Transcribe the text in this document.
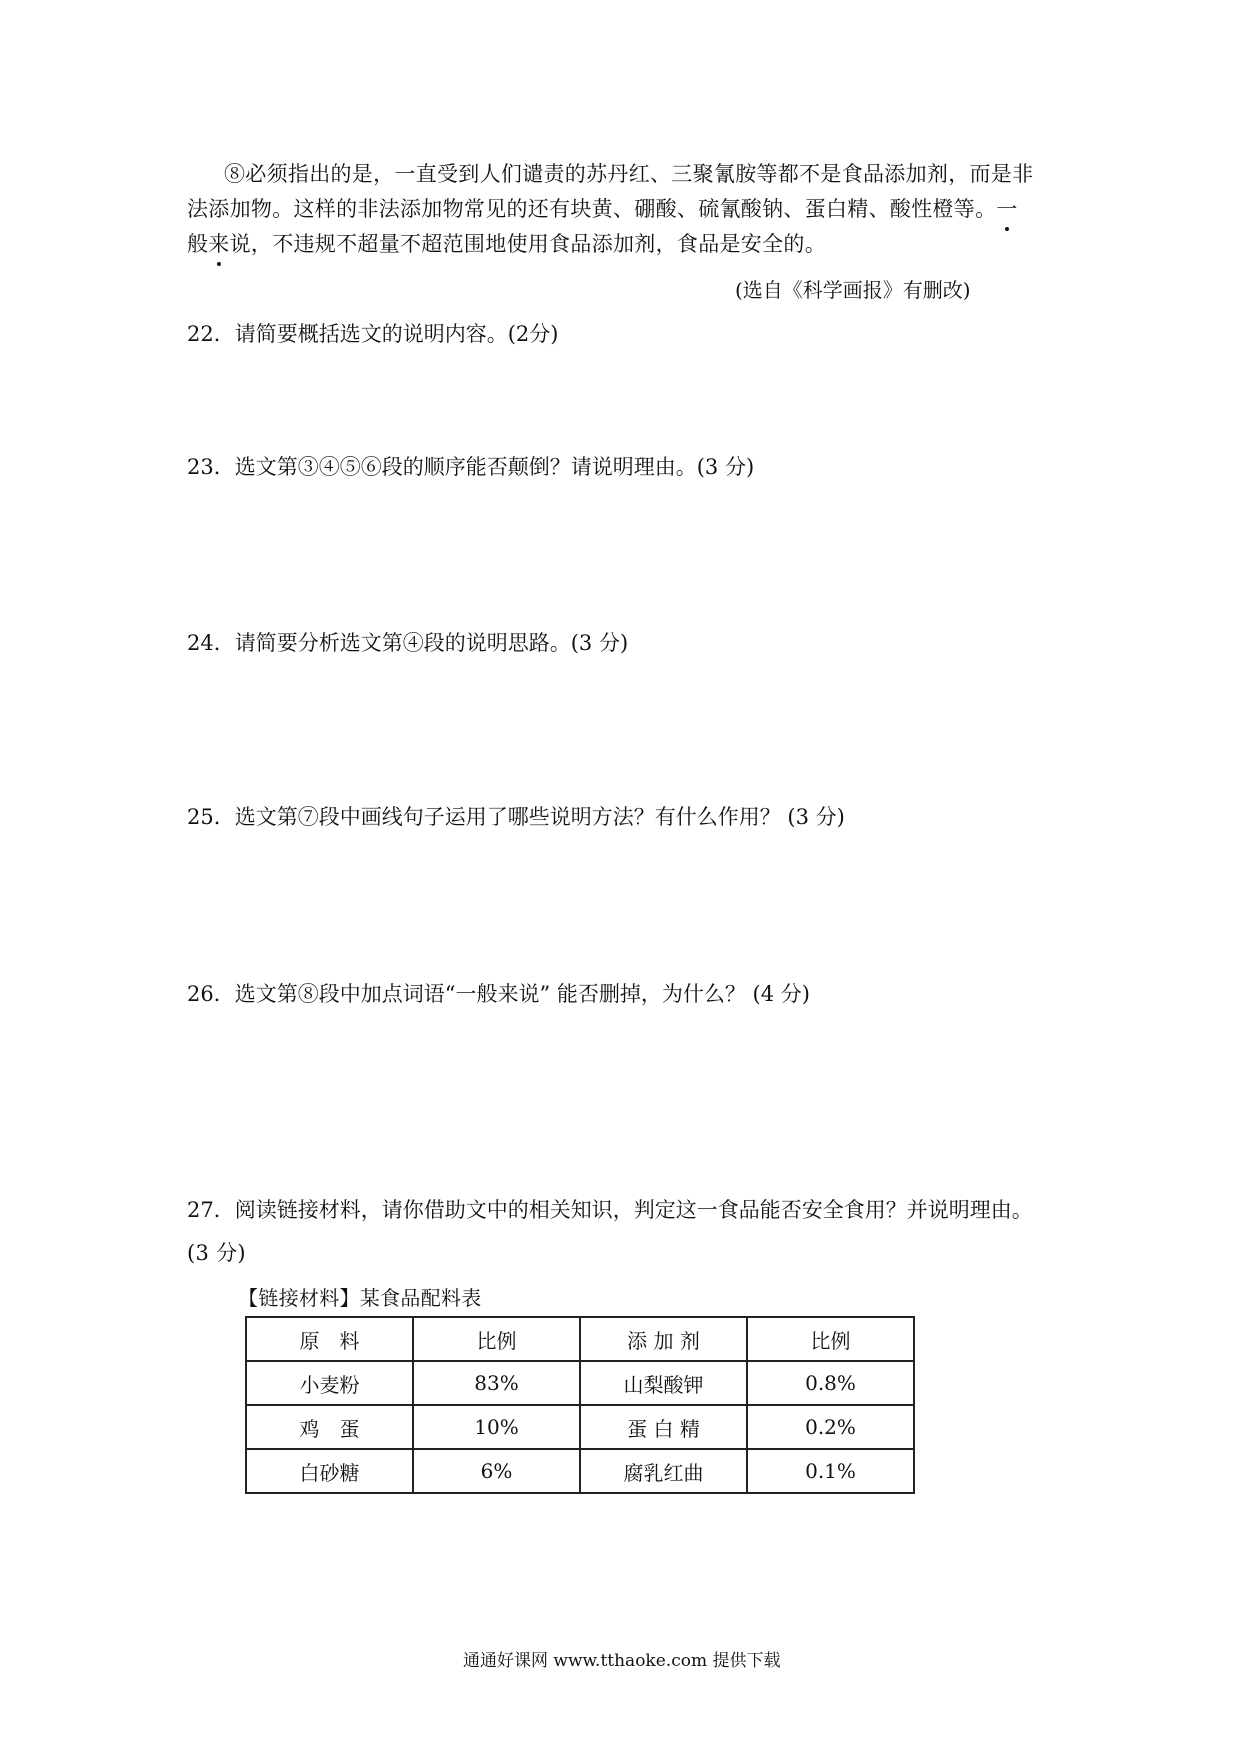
⑧必须指出的是，一直受到人们谴责的苏丹红、三聚氰胺等都不是食品添加剂，而是非
法添加物。这样的非法添加物常见的还有块黄、硼酸、硫氰酸钠、蛋白精、酸性橙等。一
般来说，不违规不超量不超范围地使用食品添加剂，食品是安全的。
(选自《科学画报》有删改)
22．请简要概括选文的说明内容。(2分)
23．选文第③④⑤⑥段的顺序能否颠倒？请说明理由。(3 分)
24．请简要分析选文第④段的说明思路。(3 分)
25．选文第⑦段中画线句子运用了哪些说明方法？有什么作用？ (3 分)
26．选文第⑧段中加点词语“一般来说” 能否删掉，为什么？ (4 分)
27．阅读链接材料，请你借助文中的相关知识，判定这一食品能否安全食用？并说明理由。
(3 分)
【链接材料】某食品配料表
原　料	比例	添 加 剂	比例
小麦粉	83%	山梨酸钾	0.8%
鸡　蛋	10%	蛋 白 精	0.2%
白砂糖	6%	腐乳红曲	0.1%
通通好课网 www.tthaoke.com 提供下载
